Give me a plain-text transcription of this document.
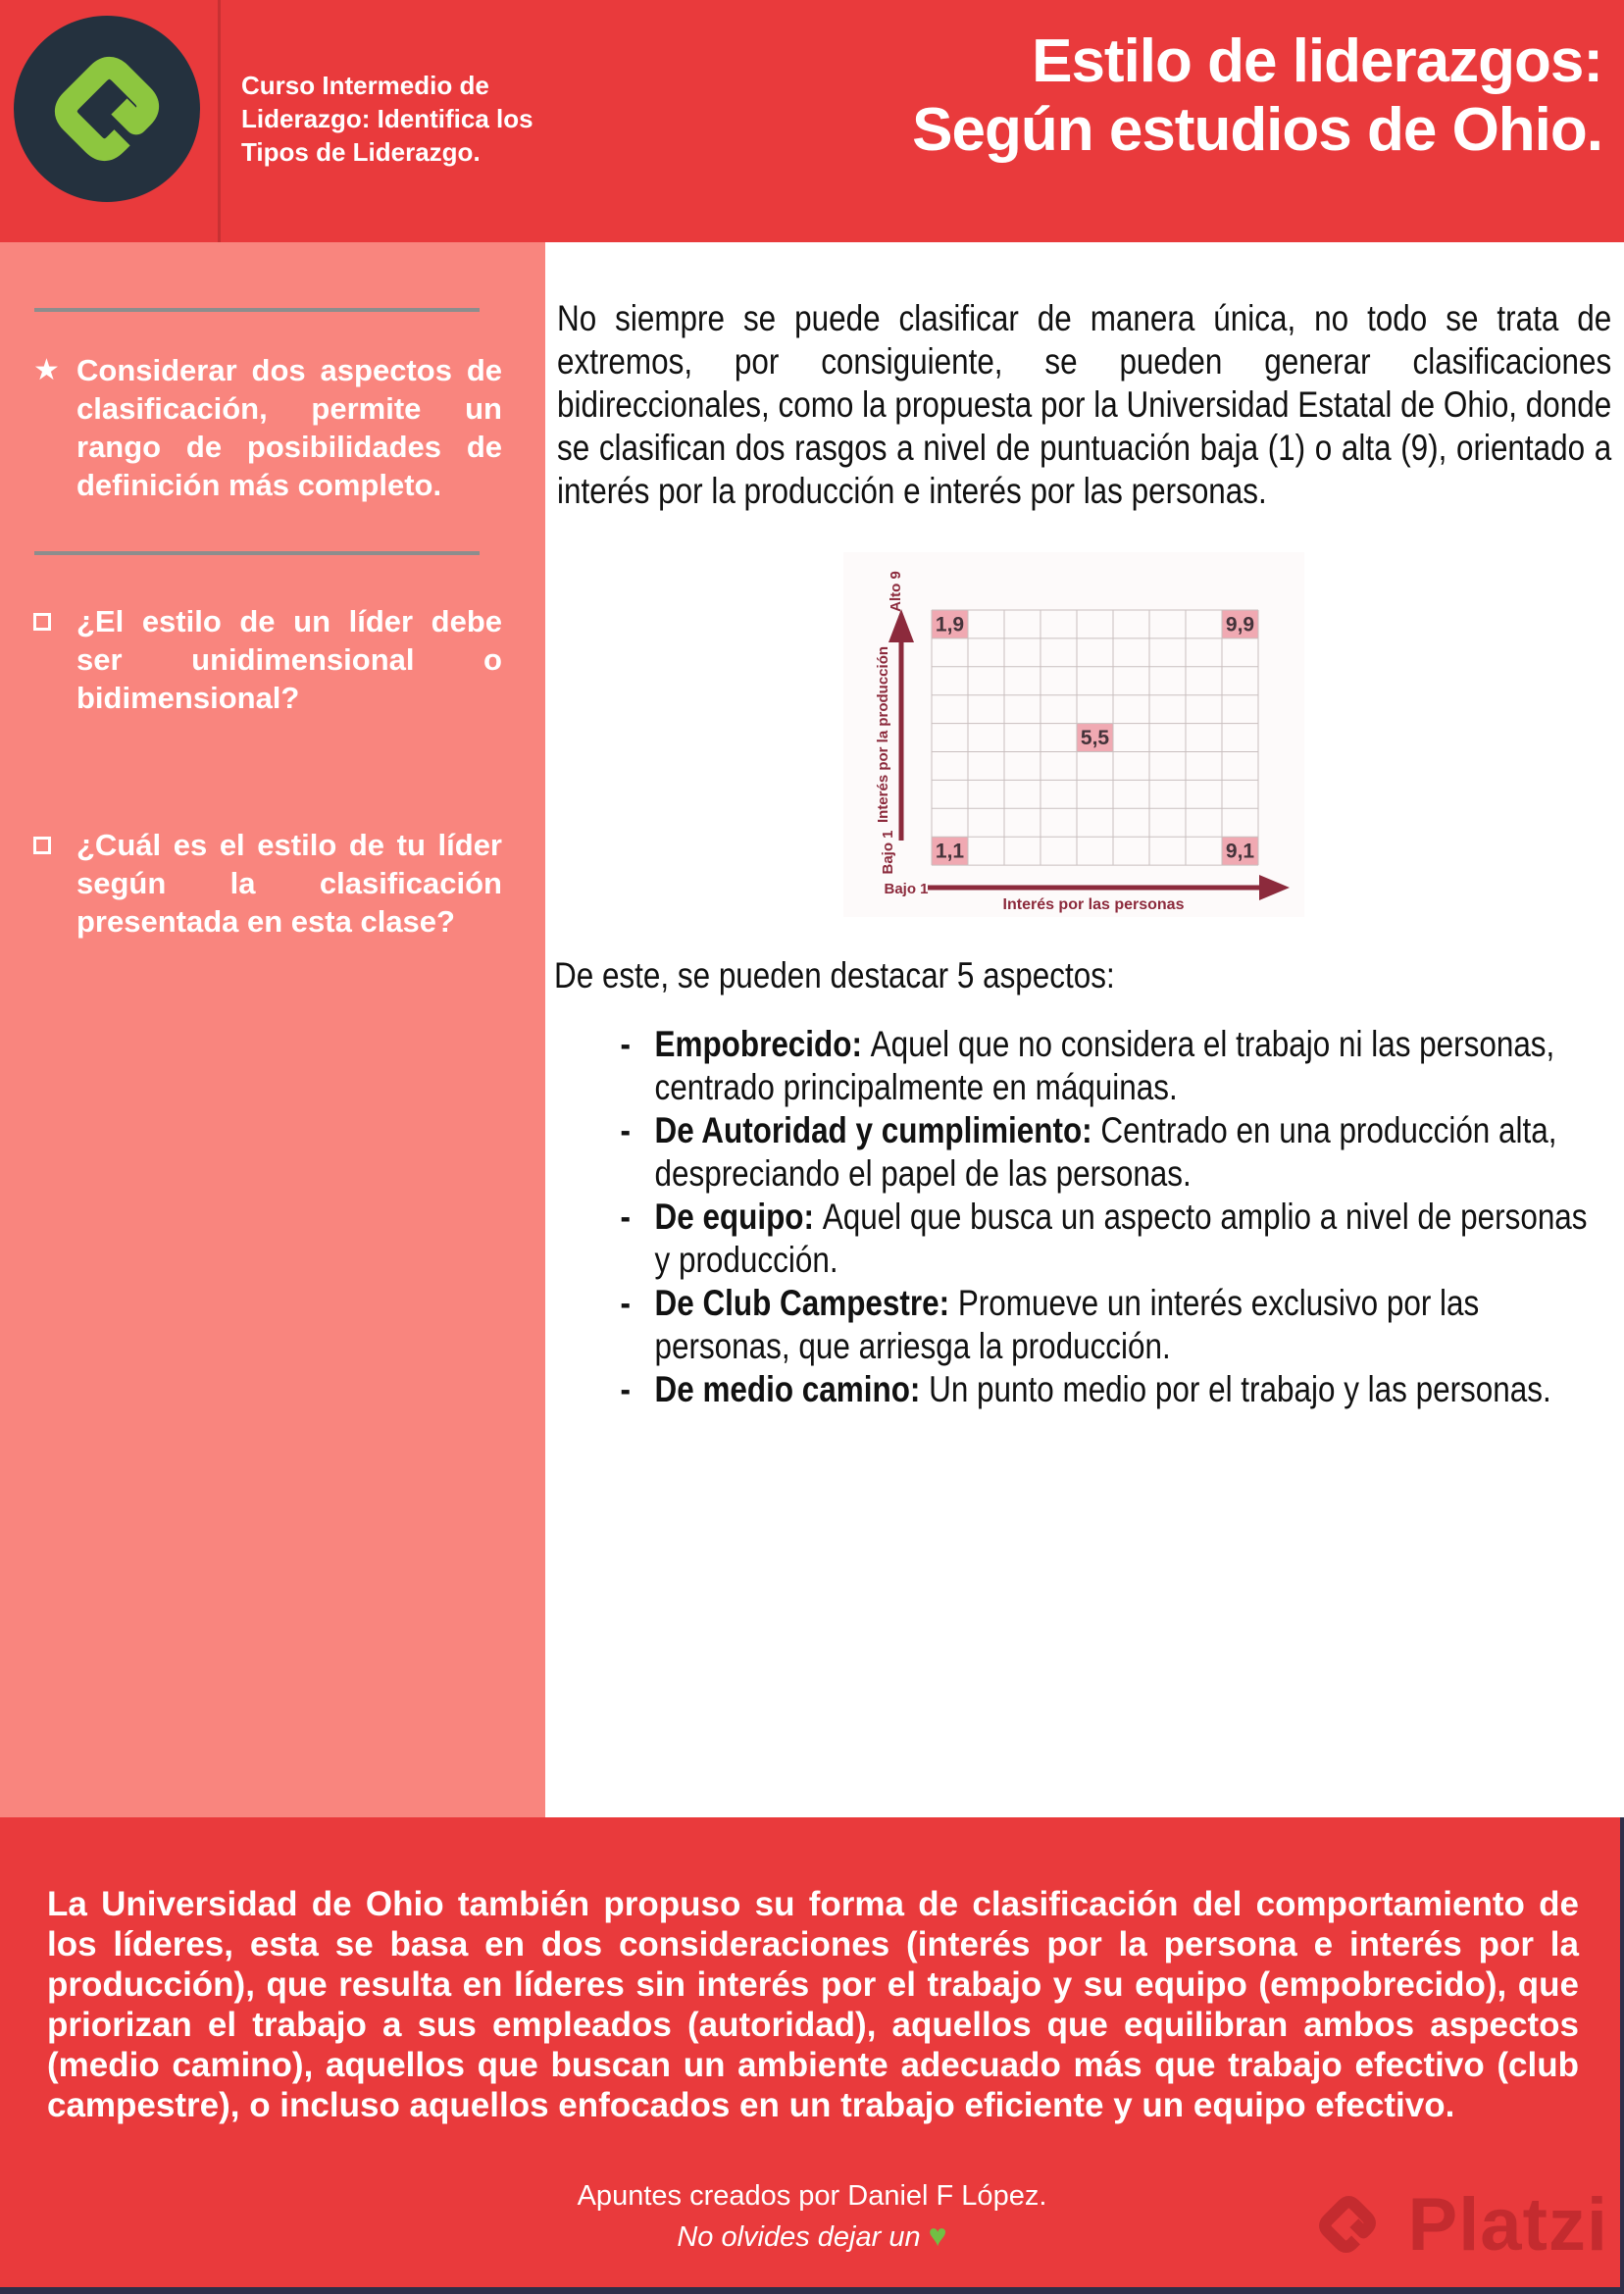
Curso Intermedio de Liderazgo: Identifica los Tipos de Liderazgo.
Estilo de liderazgos:
Según estudios de Ohio.
★ Considerar dos aspectos de clasificación, permite un rango de posibilidades de definición más completo.
¿El estilo de un líder debe ser unidimensional o bidimensional?
¿Cuál es el estilo de tu líder según la clasificación presentada en esta clase?
No siempre se puede clasificar de manera única, no todo se trata de extremos, por consiguiente, se pueden generar clasificaciones bidireccionales, como la propuesta por la Universidad Estatal de Ohio, donde se clasifican dos rasgos a nivel de puntuación baja (1) o alta (9), orientado a interés por la producción e interés por las personas.
1,9	9,9
5,5
1,1	9,1
Alto 9
Bajo 1
Interés por la producción
Bajo 1
Interés por las personas
De este, se pueden destacar 5 aspectos:
- Empobrecido: Aquel que no considera el trabajo ni las personas, centrado principalmente en máquinas.
- De Autoridad y cumplimiento: Centrado en una producción alta, despreciando el papel de las personas.
- De equipo: Aquel que busca un aspecto amplio a nivel de personas y producción.
- De Club Campestre: Promueve un interés exclusivo por las personas, que arriesga la producción.
- De medio camino: Un punto medio por el trabajo y las personas.
La Universidad de Ohio también propuso su forma de clasificación del comportamiento de los líderes, esta se basa en dos consideraciones (interés por la persona e interés por la producción), que resulta en líderes sin interés por el trabajo y su equipo (empobrecido), que priorizan el trabajo a sus empleados (autoridad), aquellos que equilibran ambos aspectos (medio camino), aquellos que buscan un ambiente adecuado más que trabajo efectivo (club campestre), o incluso aquellos enfocados en un trabajo eficiente y un equipo efectivo.
Apuntes creados por Daniel F López.
No olvides dejar un ♥	Platzi
